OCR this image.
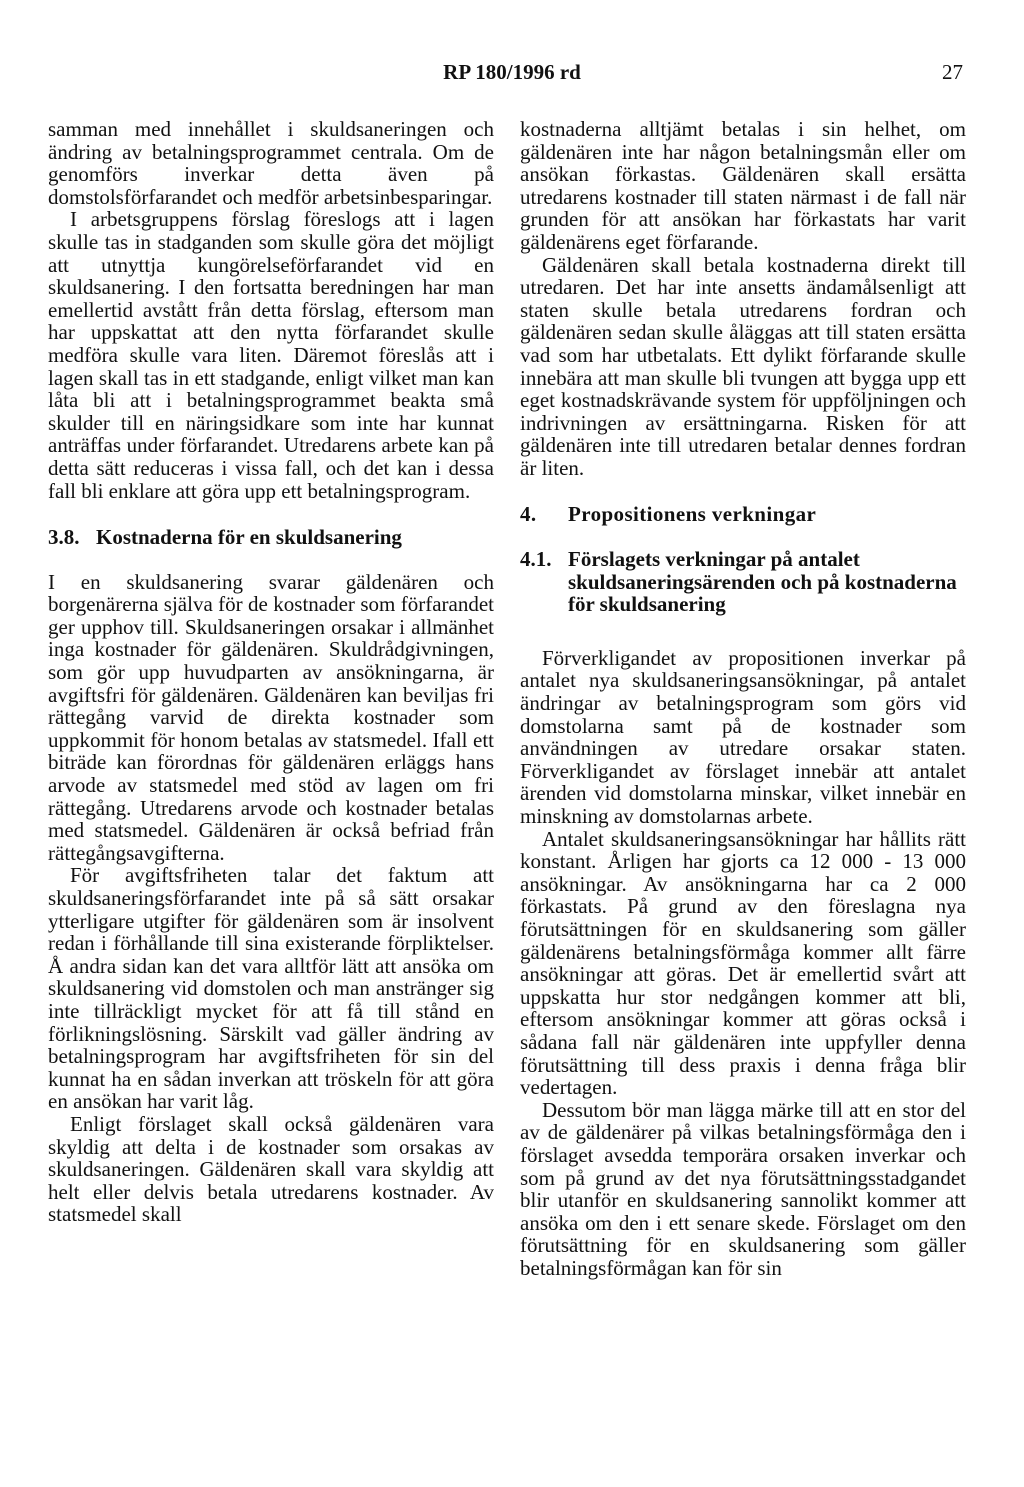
RP 180/1996 rd	27

samman med innehållet i skuldsaneringen och ändring av betalningsprogrammet centrala. Om de genomförs inverkar detta även på domstolsförfarandet och medför arbetsinbesparingar.

I arbetsgruppens förslag föreslogs att i lagen skulle tas in stadganden som skulle göra det möjligt att utnyttja kungörelseförfarandet vid en skuldsanering. I den fortsatta beredningen har man emellertid avstått från detta förslag, eftersom man har uppskattat att den nytta förfarandet skulle medföra skulle vara liten. Däremot föreslås att i lagen skall tas in ett stadgande, enligt vilket man kan låta bli att i betalningsprogrammet beakta små skulder till en näringsidkare som inte har kunnat anträffas under förfarandet. Utredarens arbete kan på detta sätt reduceras i vissa fall, och det kan i dessa fall bli enklare att göra upp ett betalningsprogram.

3.8. Kostnaderna för en skuldsanering

I en skuldsanering svarar gäldenären och borgenärerna själva för de kostnader som förfarandet ger upphov till. Skuldsaneringen orsakar i allmänhet inga kostnader för gäldenären. Skuldrådgivningen, som gör upp huvudparten av ansökningarna, är avgiftsfri för gäldenären. Gäldenären kan beviljas fri rättegång varvid de direkta kostnader som uppkommit för honom betalas av statsmedel. Ifall ett biträde kan förordnas för gäldenären erläggs hans arvode av statsmedel med stöd av lagen om fri rättegång. Utredarens arvode och kostnader betalas med statsmedel. Gäldenären är också befriad från rättegångsavgifterna.

För avgiftsfriheten talar det faktum att skuldsaneringsförfarandet inte på så sätt orsakar ytterligare utgifter för gäldenären som är insolvent redan i förhållande till sina existerande förpliktelser. Å andra sidan kan det vara alltför lätt att ansöka om skuldsanering vid domstolen och man anstränger sig inte tillräckligt mycket för att få till stånd en förlikningslösning. Särskilt vad gäller ändring av betalningsprogram har avgiftsfriheten för sin del kunnat ha en sådan inverkan att tröskeln för att göra en ansökan har varit låg.

Enligt förslaget skall också gäldenären vara skyldig att delta i de kostnader som orsakas av skuldsaneringen. Gäldenären skall vara skyldig att helt eller delvis betala utredarens kostnader. Av statsmedel skall

kostnaderna alltjämt betalas i sin helhet, om gäldenären inte har någon betalningsmån eller om ansökan förkastas. Gäldenären skall ersätta utredarens kostnader till staten närmast i de fall när grunden för att ansökan har förkastats har varit gäldenärens eget förfarande.

Gäldenären skall betala kostnaderna direkt till utredaren. Det har inte ansetts ändamålsenligt att staten skulle betala utredarens fordran och gäldenären sedan skulle åläggas att till staten ersätta vad som har utbetalats. Ett dylikt förfarande skulle innebära att man skulle bli tvungen att bygga upp ett eget kostnadskrävande system för uppföljningen och indrivningen av ersättningarna. Risken för att gäldenären inte till utredaren betalar dennes fordran är liten.

4.	Propositionens verkningar
4.1. Förslagets verkningar på antalet skuldsaneringsärenden och på kostnaderna för skuldsanering

Förverkligandet av propositionen inverkar på antalet nya skuldsaneringsansökningar, på antalet ändringar av betalningsprogram som görs vid domstolarna samt på de kostnader som användningen av utredare orsakar staten. Förverkligandet av förslaget innebär att antalet ärenden vid domstolarna minskar, vilket innebär en minskning av domstolarnas arbete.

Antalet skuldsaneringsansökningar har hållits rätt konstant. Årligen har gjorts ca 12 000 - 13 000 ansökningar. Av ansökningarna har ca 2 000 förkastats. På grund av den föreslagna nya förutsättningen för en skuldsanering som gäller gäldenärens betalningsförmåga kommer allt färre ansökningar att göras. Det är emellertid svårt att uppskatta hur stor nedgången kommer att bli, eftersom ansökningar kommer att göras också i sådana fall när gäldenären inte uppfyller denna förutsättning till dess praxis i denna fråga blir vedertagen.

Dessutom bör man lägga märke till att en stor del av de gäldenärer på vilkas betalningsförmåga den i förslaget avsedda temporära orsaken inverkar och som på grund av det nya förutsättningsstadgandet blir utanför en skuldsanering sannolikt kommer att ansöka om den i ett senare skede. Förslaget om den förutsättning för en skuldsanering som gäller betalningsförmågan kan för sin
